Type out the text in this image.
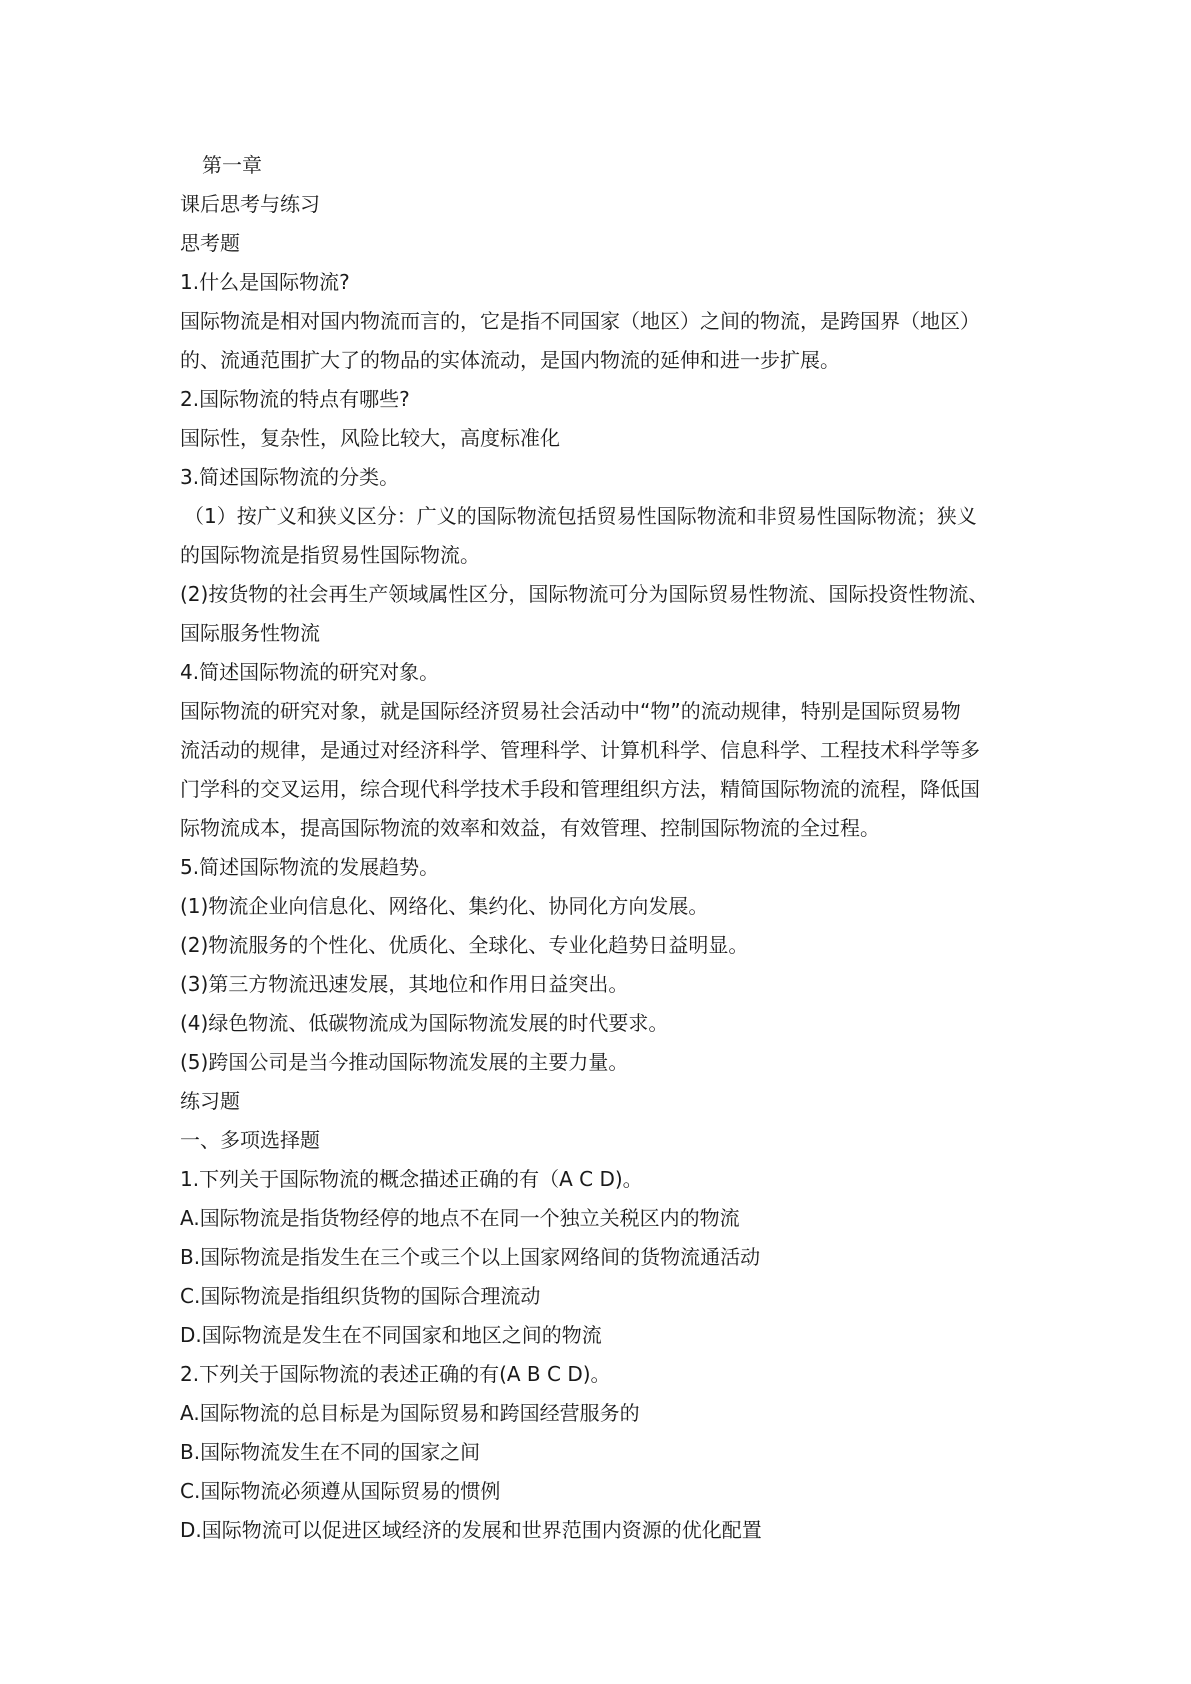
第一章
课后思考与练习
思考题
1.什么是国际物流?
国际物流是相对国内物流而言的，它是指不同国家（地区）之间的物流，是跨国界（地区）
的、流通范围扩大了的物品的实体流动，是国内物流的延伸和进一步扩展。
2.国际物流的特点有哪些?
国际性，复杂性，风险比较大，高度标准化
3.简述国际物流的分类。
（1）按广义和狭义区分：广义的国际物流包括贸易性国际物流和非贸易性国际物流；狭义
的国际物流是指贸易性国际物流。
(2)按货物的社会再生产领域属性区分，国际物流可分为国际贸易性物流、国际投资性物流、
国际服务性物流
4.简述国际物流的研究对象。
国际物流的研究对象，就是国际经济贸易社会活动中“物”的流动规律，特别是国际贸易物
流活动的规律，是通过对经济科学、管理科学、计算机科学、信息科学、工程技术科学等多
门学科的交叉运用，综合现代科学技术手段和管理组织方法，精简国际物流的流程，降低国
际物流成本，提高国际物流的效率和效益，有效管理、控制国际物流的全过程。
5.简述国际物流的发展趋势。
(1)物流企业向信息化、网络化、集约化、协同化方向发展。
(2)物流服务的个性化、优质化、全球化、专业化趋势日益明显。
(3)第三方物流迅速发展，其地位和作用日益突出。
(4)绿色物流、低碳物流成为国际物流发展的时代要求。
(5)跨国公司是当今推动国际物流发展的主要力量。
练习题
一、多项选择题
1.下列关于国际物流的概念描述正确的有（A C D)。
A.国际物流是指货物经停的地点不在同一个独立关税区内的物流
B.国际物流是指发生在三个或三个以上国家网络间的货物流通活动
C.国际物流是指组织货物的国际合理流动
D.国际物流是发生在不同国家和地区之间的物流
2.下列关于国际物流的表述正确的有(A B C D)。
A.国际物流的总目标是为国际贸易和跨国经营服务的
B.国际物流发生在不同的国家之间
C.国际物流必须遵从国际贸易的惯例
D.国际物流可以促进区域经济的发展和世界范围内资源的优化配置
